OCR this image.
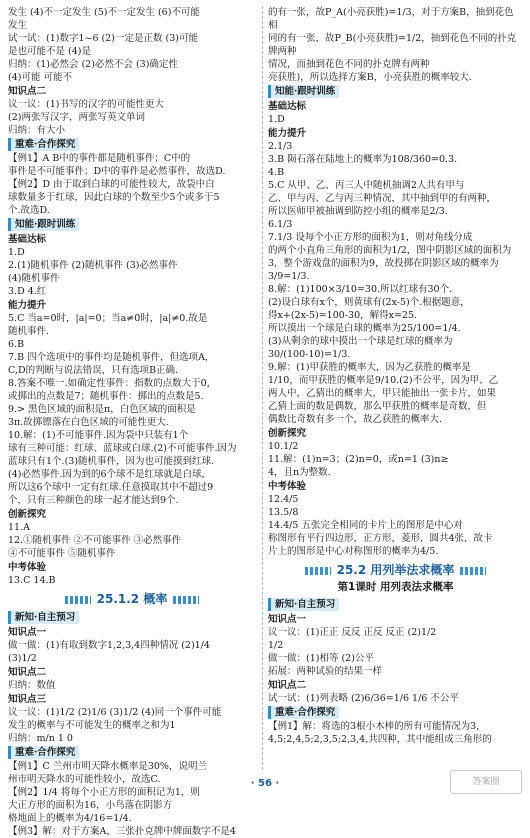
发生 (4)不一定发生 (5)不一定发生 (6)不可能
发生
试一试：(1)数字1~6 (2)一定是正数 (3)可能
是也可能不是 (4)是
归纳：(1)必然会 (2)必然不会 (3)确定性
(4)可能 可能不
知识点二
议一议：(1)书写的汉字的可能性更大
(2)两张写汉字，两张写英文单词
归纳：有大小
重难·合作探究
【例1】A B中的事件都是随机事件；C中的
事件是不可能事件；D中的事件是必然事件，故选D.
【例2】D 由于取到白球的可能性较大，故袋中白
球数量多于红球，因此白球的个数至少5个或多于5
个.故选D.
知能·跟时训练
基础达标
1.D
2.(1)随机事件 (2)随机事件 (3)必然事件
(4)随机事件
3.D 4.红
能力提升
5.C 当a=0时，|a|=0；当a≠0时，|a|≠0.故是
随机事件.
6.B
7.B 四个选项中的事件均是随机事件，但选项A，
C,D的判断与说法错误，只有选项B正确.
8.答案不唯一.如确定性事件：指数的点数大于0，
或掷出的点数是7；随机事件：掷出的点数是5.
9.> 黑色区域的面积是π，白色区域的面积是
3π.故掷镖落在白色区域的可能性更大.
10.解：(1)不可能事件.因为袋中只装有1个
球有三种可能：红球、蓝球或白球.(2)不可能事件.因为
蓝球只有1个.(3)随机事件，因为也可能摸到红球.
(4)必然事件.因为到的6个球不是红球就是白球，
所以这6个球中一定有红球.任意摸取其中不超过9
个，只有三种颜色的球一起才能达到9个.
创新探究
11.A
12.①随机事件 ②不可能事件 ③必然事件
④不可能事件 ⑤随机事件
中考体验
13.C 14.B
25.1.2 概率
新知·自主预习
知识点一
做一做：(1)有取到数字1,2,3,4四种情况 (2)1/4
(3)1/2
知识点二
归纳：数值
知识点三
议一议：(1)1/2 (2)1/6 (3)1/2 (4)同一个事件可能
发生的概率与不可能发生的概率之和为1
归纳：m/n 1 0
重难·合作探究
【例1】C 兰州市明天降水概率是30%，说明兰
州市明天降水的可能性较小，故选C.
【例2】1/4 将每个小正方形的面积记为1，则
大正方形的面积为16，小鸟落在阴影方
格地面上的概率为4/16=1/4.
【例3】解：对于方案A，三张扑克牌中牌面数字不是4
的有一张，故P_A(小亮获胜)=1/3，对于方案B，抽到花色相
同的有一张，故P_B(小亮获胜)=1/2，抽到花色不同的扑克牌两种
情况，而抽到花色不同的扑克牌有两种
亮获胜)，所以选择方案B，小亮获胜的概率较大.
知能·跟时训练
基础达标
1.D
能力提升
2.1/3
3.B 陨石落在陆地上的概率为108/360=0.3.
4.B
5.C 从甲、乙、丙三人中随机抽调2人共有甲与
乙、甲与丙、乙与丙三种情况，其中抽到甲的有两种，
所以医师甲被抽调到防控小组的概率是2/3.
6.1/3
7.1/3 设每个小正方形的面积为1，则对角线分成
的两个小直角三角形的面积为1/2，图中阴影区域的面积为
3，整个游戏盘的面积为9，故投掷在阴影区域的概率为
3/9=1/3.
8.解：(1)100×3/10=30.所以红球有30个.
(2)设白球有x个，则黄球有(2x-5)个.根据题意，
得x+(2x-5)=100-30，解得x=25.
所以摸出一个球是白球的概率为25/100=1/4.
(3)从剩余的球中摸出一个球是红球的概率为
30/(100-10)=1/3.
9.解：(1)甲获胜的概率大，因为乙获胜的概率是
1/10，而甲获胜的概率是9/10.(2)不公平，因为甲、乙
两人中，乙猜出的概率大，甲只能抽出一张卡片，如果
乙猜上面的数是偶数，那么甲获胜的概率是奇数，但
偶数比奇数有多一个，故乙获胜的概率大.
创新探究
10.1/2
11.解：(1)n=3；(2)n=0，或n=1 (3)n≥
4，且n为整数.
中考体验
12.4/5
13.5/8
14.4/5 五张完全相同的卡片上的图形是中心对
称图形有平行四边形，正方形，菱形，圆共4张，故卡
片上的图形是中心对称图形的概率为4/5.
25.2 用列举法求概率
第1课时 用列表法求概率
新知·自主预习
知识点一
议一议：(1)正正 反反 正反 反正 (2)1/2
1/2
做一做：(1)相等 (2)公平
拓展：两种试验的结果一样
知识点二
试一试：(1)列表略 (2)6/36=1/6 1/6 不公平
重难·合作探究
【例1】解：将选的3根小木棒的所有可能情况为3，
4,5;2,4,5;2,3,5;2,3,4,共四种，其中能组成三角形的
· 56 ·	答案圈
